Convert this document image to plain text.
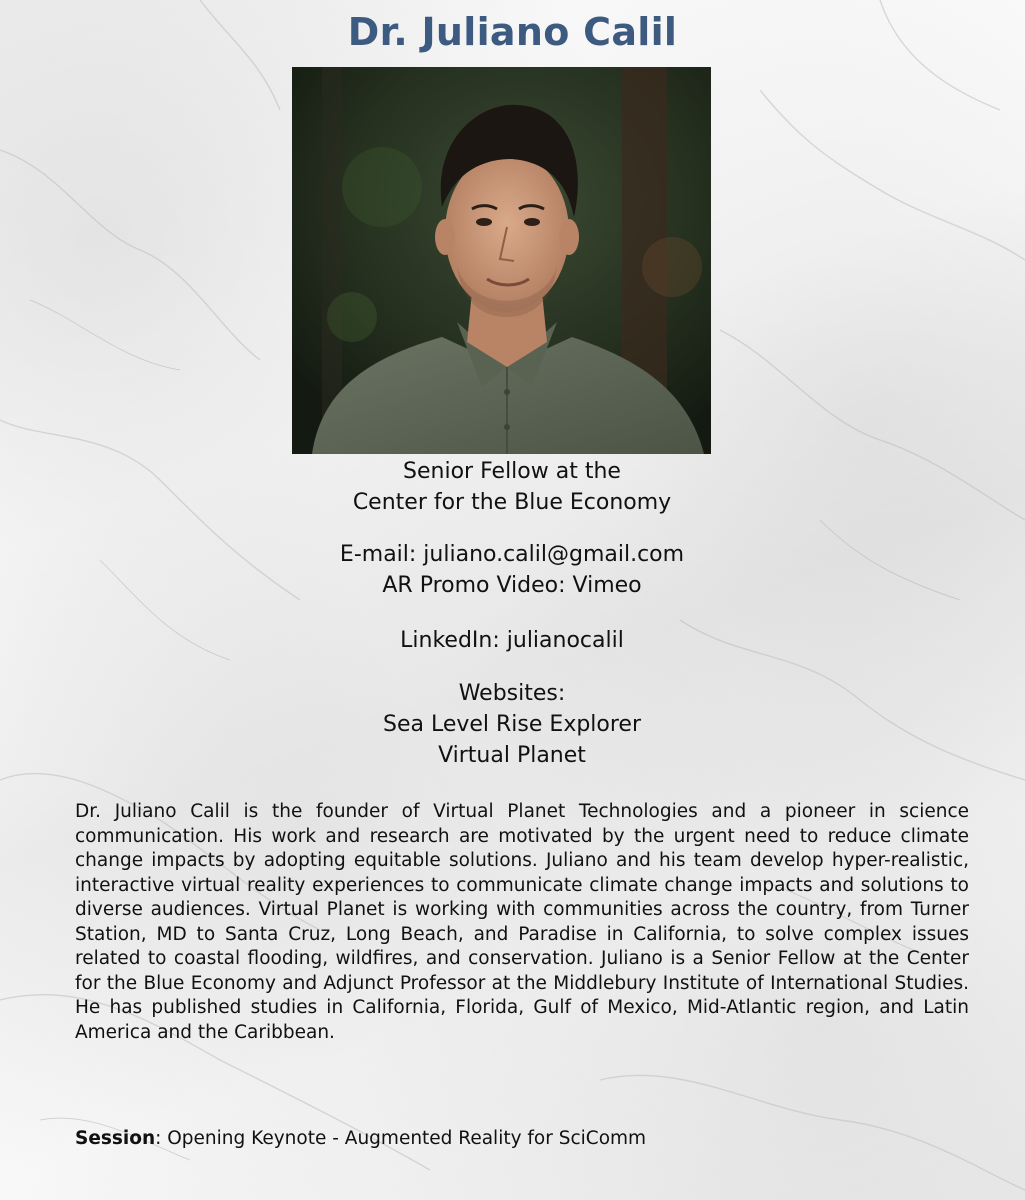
Dr. Juliano Calil
Senior Fellow at the
Center for the Blue Economy
E-mail: juliano.calil@gmail.com
AR Promo Video: Vimeo
LinkedIn: julianocalil
Websites:
Sea Level Rise Explorer
Virtual Planet
Dr. Juliano Calil is the founder of Virtual Planet Technologies and a pioneer in science communication. His work and research are motivated by the urgent need to reduce climate change impacts by adopting equitable solutions. Juliano and his team develop hyper-realistic, interactive virtual reality experiences to communicate climate change impacts and solutions to diverse audiences. Virtual Planet is working with communities across the country, from Turner Station, MD to Santa Cruz, Long Beach, and Paradise in California, to solve complex issues related to coastal flooding, wildfires, and conservation. Juliano is a Senior Fellow at the Center for the Blue Economy and Adjunct Professor at the Middlebury Institute of International Studies. He has published studies in California, Florida, Gulf of Mexico, Mid-Atlantic region, and Latin America and the Caribbean.
Session: Opening Keynote - Augmented Reality for SciComm
